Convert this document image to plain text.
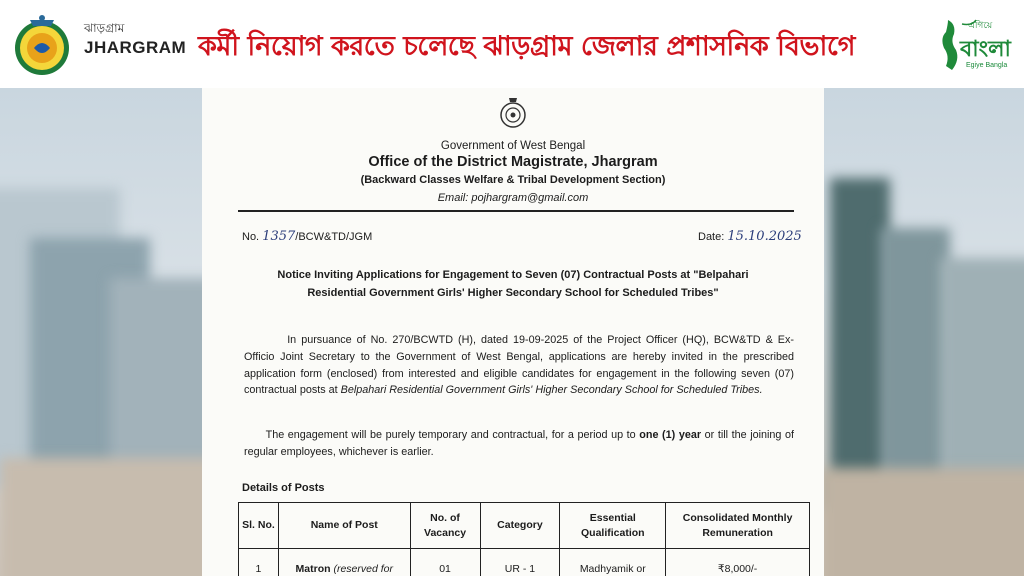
ঝাড়গ্রাম
JHARGRAM কর্মী নিয়োগ করতে চলেছে ঝাড়গ্রাম জেলার প্রশাসনিক বিভাগে
এগিয়ে
বাংলা
Egiye Bangla
Government of West Bengal
Office of the District Magistrate, Jhargram
(Backward Classes Welfare & Tribal Development Section)
Email: pojhargram@gmail.com
No. 1357/BCW&TD/JGM	Date: 15.10.2025
Notice Inviting Applications for Engagement to Seven (07) Contractual Posts at "Belpahari Residential Government Girls' Higher Secondary School for Scheduled Tribes"
    In pursuance of No. 270/BCWTD (H), dated 19-09-2025 of the Project Officer (HQ), BCW&TD & Ex-Officio Joint Secretary to the Government of West Bengal, applications are hereby invited in the prescribed application form (enclosed) from interested and eligible candidates for engagement in the following seven (07) contractual posts at Belpahari Residential Government Girls' Higher Secondary School for Scheduled Tribes.
  The engagement will be purely temporary and contractual, for a period up to one (1) year or till the joining of regular employees, whichever is earlier.
Details of Posts
Sl. No.	Name of Post	No. of Vacancy	Category	Essential Qualification	Consolidated Monthly Remuneration
1	Matron (reserved for	01	UR - 1	Madhyamik or	₹8,000/-
